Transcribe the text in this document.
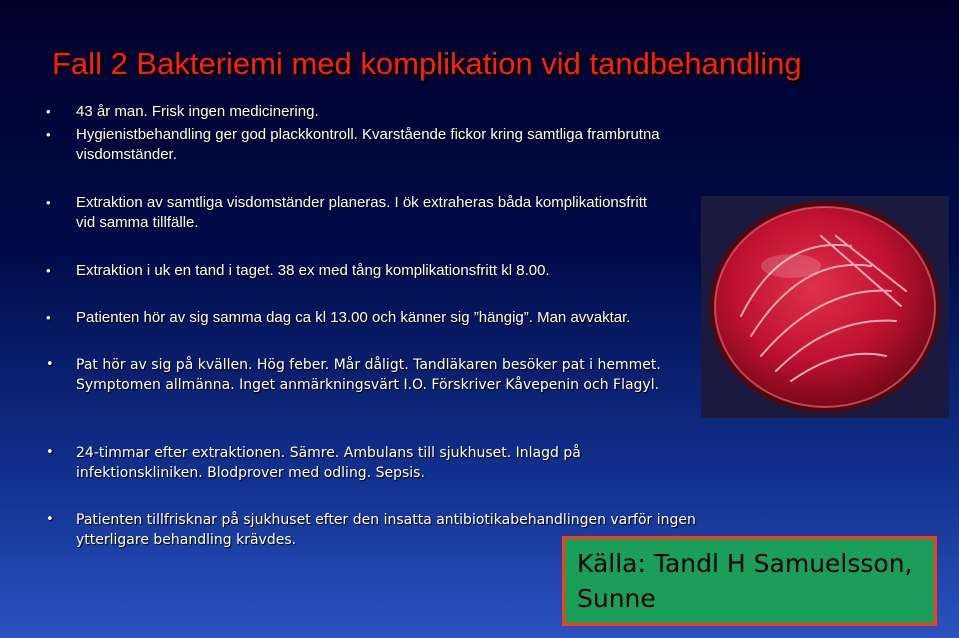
Fall 2 Bakteriemi med komplikation vid tandbehandling
• 43 år man. Frisk ingen medicinering.
• Hygienistbehandling ger god plackkontroll. Kvarstående fickor kring samtliga frambrutna visdomständer.
• Extraktion av samtliga visdomständer planeras. I ök extraheras båda komplikationsfritt vid samma tillfälle.
• Extraktion i uk en tand i taget. 38 ex med tång komplikationsfritt kl 8.00.
• Patienten hör av sig samma dag ca kl 13.00 och känner sig ”hängig”. Man avvaktar.
• Pat hör av sig på kvällen. Hög feber. Mår dåligt. Tandläkaren besöker pat i hemmet. Symptomen allmänna. Inget anmärkningsvärt I.O. Förskriver Kåvepenin och Flagyl.
• 24-timmar efter extraktionen. Sämre. Ambulans till sjukhuset. Inlagd på infektionskliniken. Blodprover med odling. Sepsis.
• Patienten tillfrisknar på sjukhuset efter den insatta antibiotikabehandlingen varför ingen ytterligare behandling krävdes.
Källa: Tandl H Samuelsson, Sunne
